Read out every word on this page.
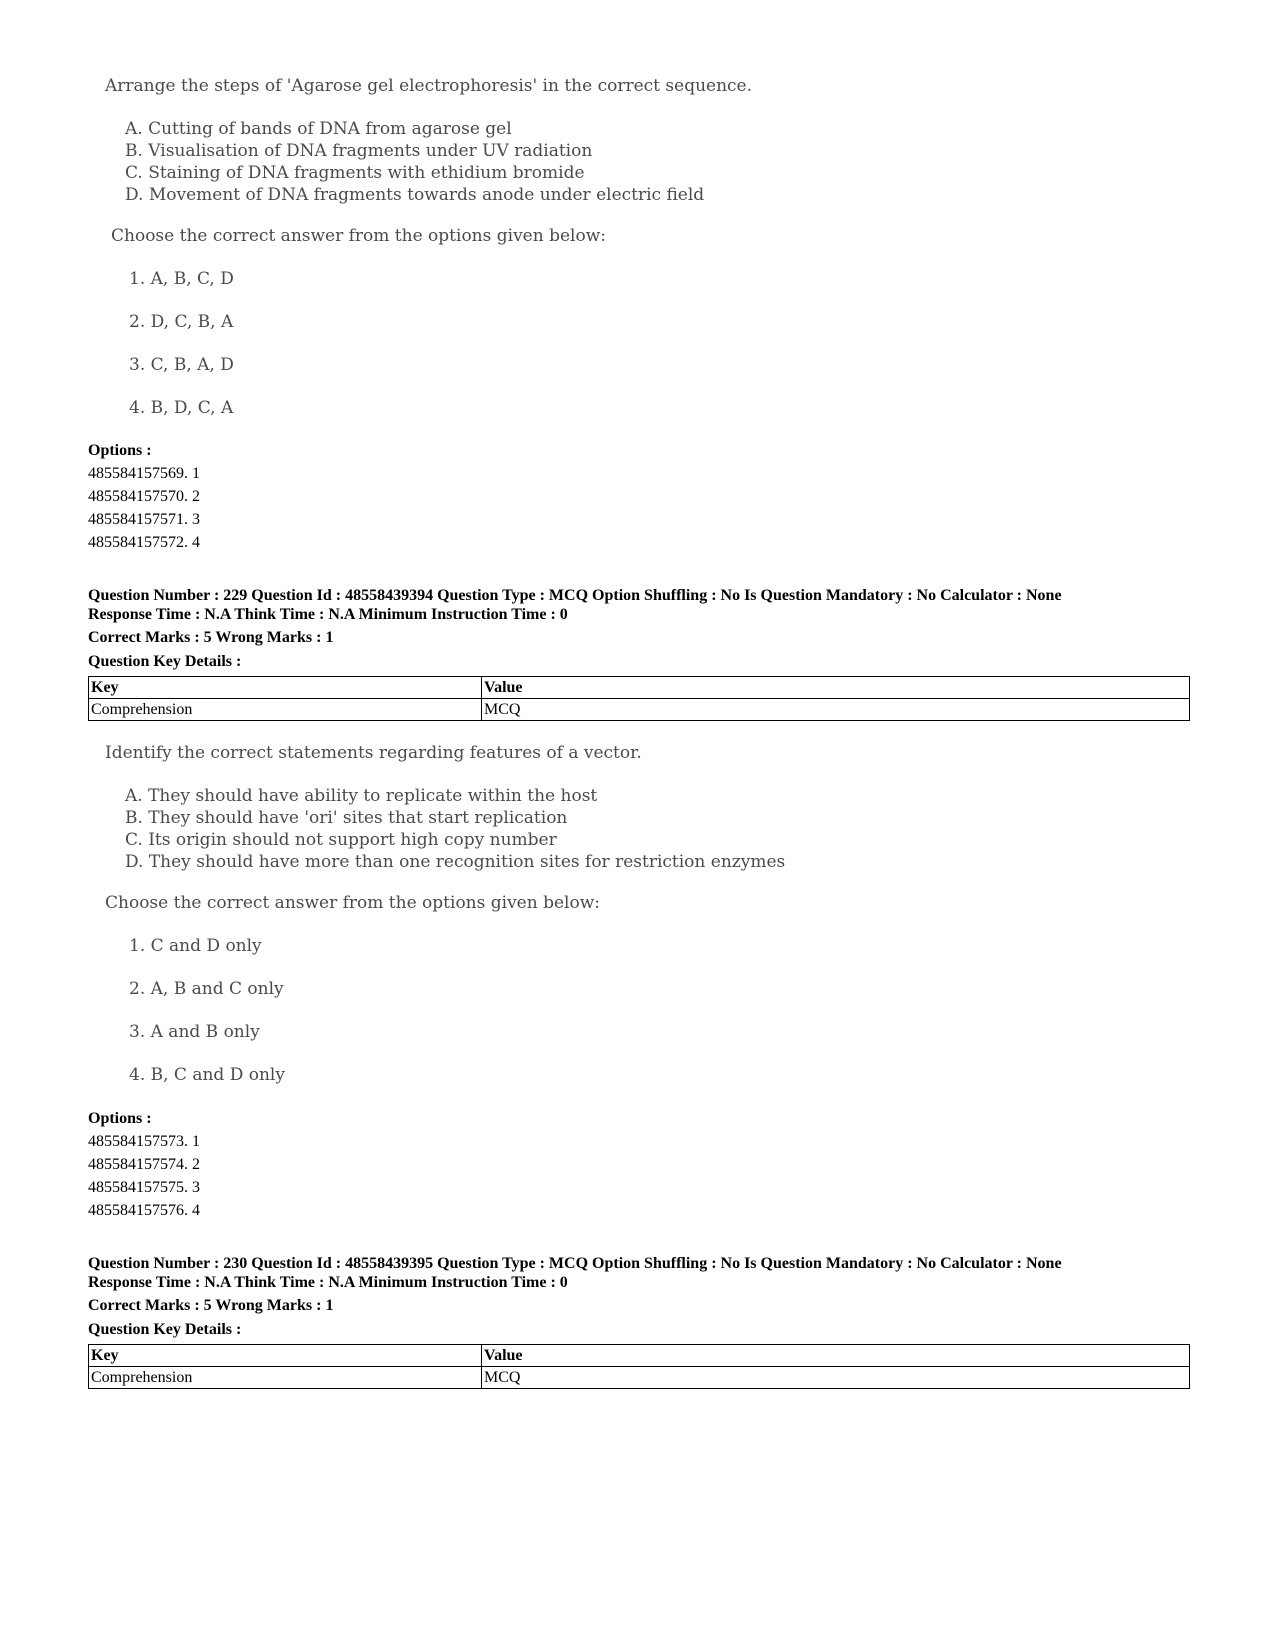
Arrange the steps of 'Agarose gel electrophoresis' in the correct sequence.
A. Cutting of bands of DNA from agarose gel
B. Visualisation of DNA fragments under UV radiation
C. Staining of DNA fragments with ethidium bromide
D. Movement of DNA fragments towards anode under electric field
Choose the correct answer from the options given below:
1. A, B, C, D
2. D, C, B, A
3. C, B, A, D
4. B, D, C, A
Options :
485584157569. 1
485584157570. 2
485584157571. 3
485584157572. 4
Question Number : 229 Question Id : 48558439394 Question Type : MCQ Option Shuffling : No Is Question Mandatory : No Calculator : None
Response Time : N.A Think Time : N.A Minimum Instruction Time : 0
Correct Marks : 5 Wrong Marks : 1
Question Key Details :
Key	Value
Comprehension	MCQ
Identify the correct statements regarding features of a vector.
A. They should have ability to replicate within the host
B. They should have 'ori' sites that start replication
C. Its origin should not support high copy number
D. They should have more than one recognition sites for restriction enzymes
Choose the correct answer from the options given below:
1. C and D only
2. A, B and C only
3. A and B only
4. B, C and D only
Options :
485584157573. 1
485584157574. 2
485584157575. 3
485584157576. 4
Question Number : 230 Question Id : 48558439395 Question Type : MCQ Option Shuffling : No Is Question Mandatory : No Calculator : None
Response Time : N.A Think Time : N.A Minimum Instruction Time : 0
Correct Marks : 5 Wrong Marks : 1
Question Key Details :
Key	Value
Comprehension	MCQ
